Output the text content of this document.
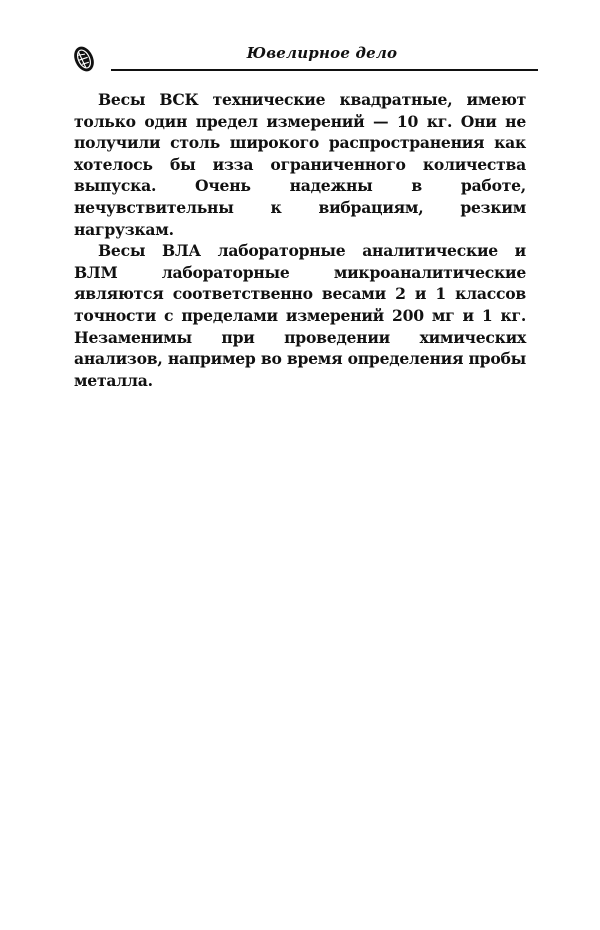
Ювелирное дело

Весы ВСК технические квадратные, имеют только один предел измерений — 10 кг. Они не получили столь широкого распространения как хотелось бы изза ограниченного количества выпуска. Очень надежны в работе, нечувствительны к вибрациям, резким нагрузкам.

Весы ВЛА лабораторные аналитические и ВЛМ лабораторные микроаналитические являются соответственно весами 2 и 1 классов точности с пределами измерений 200 мг и 1 кг. Незаменимы при проведении химических анализов, например во время определения пробы металла.
